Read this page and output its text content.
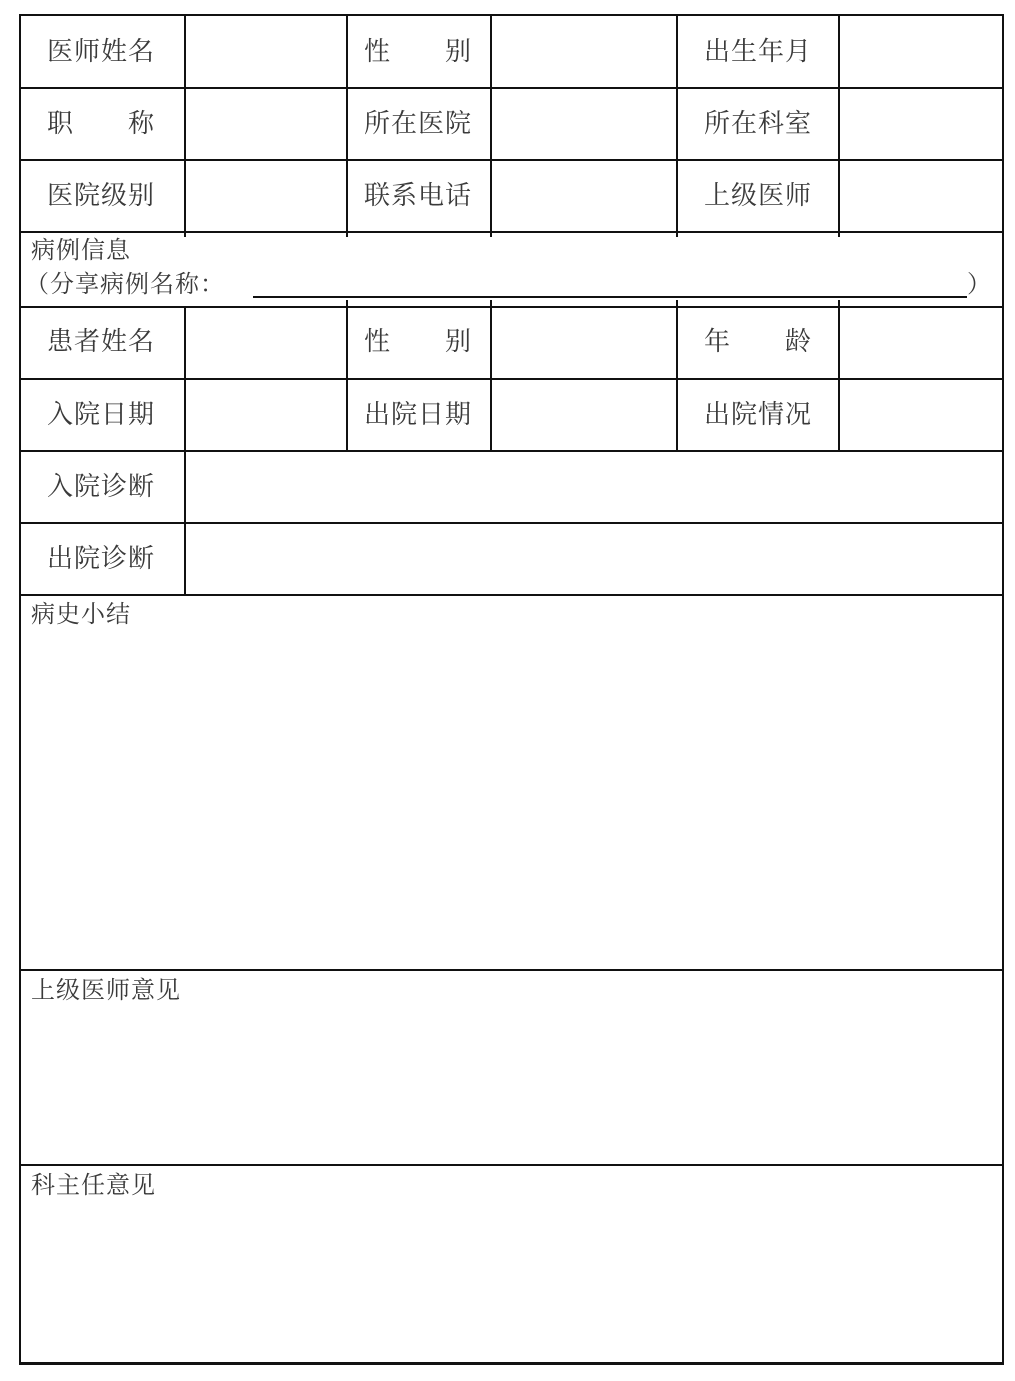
医师姓名	性　　别	出生年月
职　　称	所在医院	所在科室
医院级别	联系电话	上级医师
病例信息
（分享病例名称：	）
患者姓名	性　　别	年　　龄
入院日期	出院日期	出院情况
入院诊断
出院诊断
病史小结
上级医师意见
科主任意见
